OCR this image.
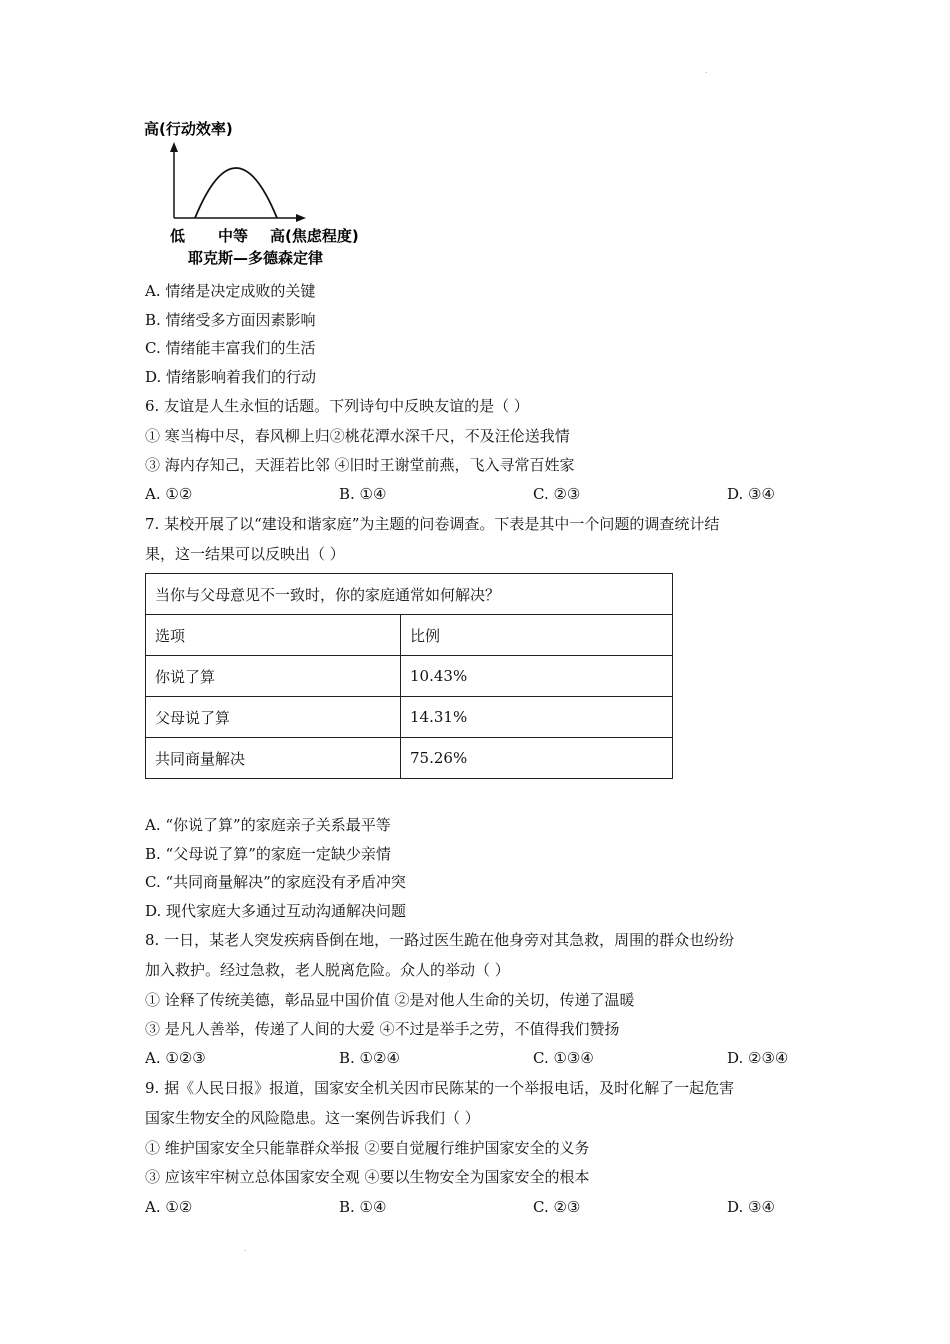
.
高(行动效率)
低 中等 高(焦虑程度)
耶克斯—多德森定律
A. 情绪是决定成败的关键
B. 情绪受多方面因素影响
C. 情绪能丰富我们的生活
D. 情绪影响着我们的行动
6. 友谊是人生永恒的话题。下列诗句中反映友谊的是（ ）
① 寒当梅中尽，春风柳上归②桃花潭水深千尺，不及汪伦送我情
③ 海内存知己，天涯若比邻 ④旧时王谢堂前燕，飞入寻常百姓家
A. ①②	B. ①④	C. ②③	D. ③④
7. 某校开展了以“建设和谐家庭”为主题的问卷调查。下表是其中一个问题的调查统计结
果，这一结果可以反映出（ ）
当你与父母意见不一致时，你的家庭通常如何解决？	
选项	比例
你说了算	10.43%
父母说了算	14.31%
共同商量解决	75.26%
A. “你说了算”的家庭亲子关系最平等
B. “父母说了算”的家庭一定缺少亲情
C. “共同商量解决”的家庭没有矛盾冲突
D. 现代家庭大多通过互动沟通解决问题
8. 一日，某老人突发疾病昏倒在地，一路过医生跪在他身旁对其急救，周围的群众也纷纷
加入救护。经过急救，老人脱离危险。众人的举动（ ）
① 诠释了传统美德，彰品显中国价值 ②是对他人生命的关切，传递了温暖
③ 是凡人善举，传递了人间的大爱 ④不过是举手之劳，不值得我们赞扬
A. ①②③	B. ①②④	C. ①③④	D. ②③④
9. 据《人民日报》报道，国家安全机关因市民陈某的一个举报电话，及时化解了一起危害
国家生物安全的风险隐患。这一案例告诉我们（ ）
① 维护国家安全只能靠群众举报 ②要自觉履行维护国家安全的义务
③ 应该牢牢树立总体国家安全观 ④要以生物安全为国家安全的根本
A. ①②	B. ①④	C. ②③	D. ③④
.
